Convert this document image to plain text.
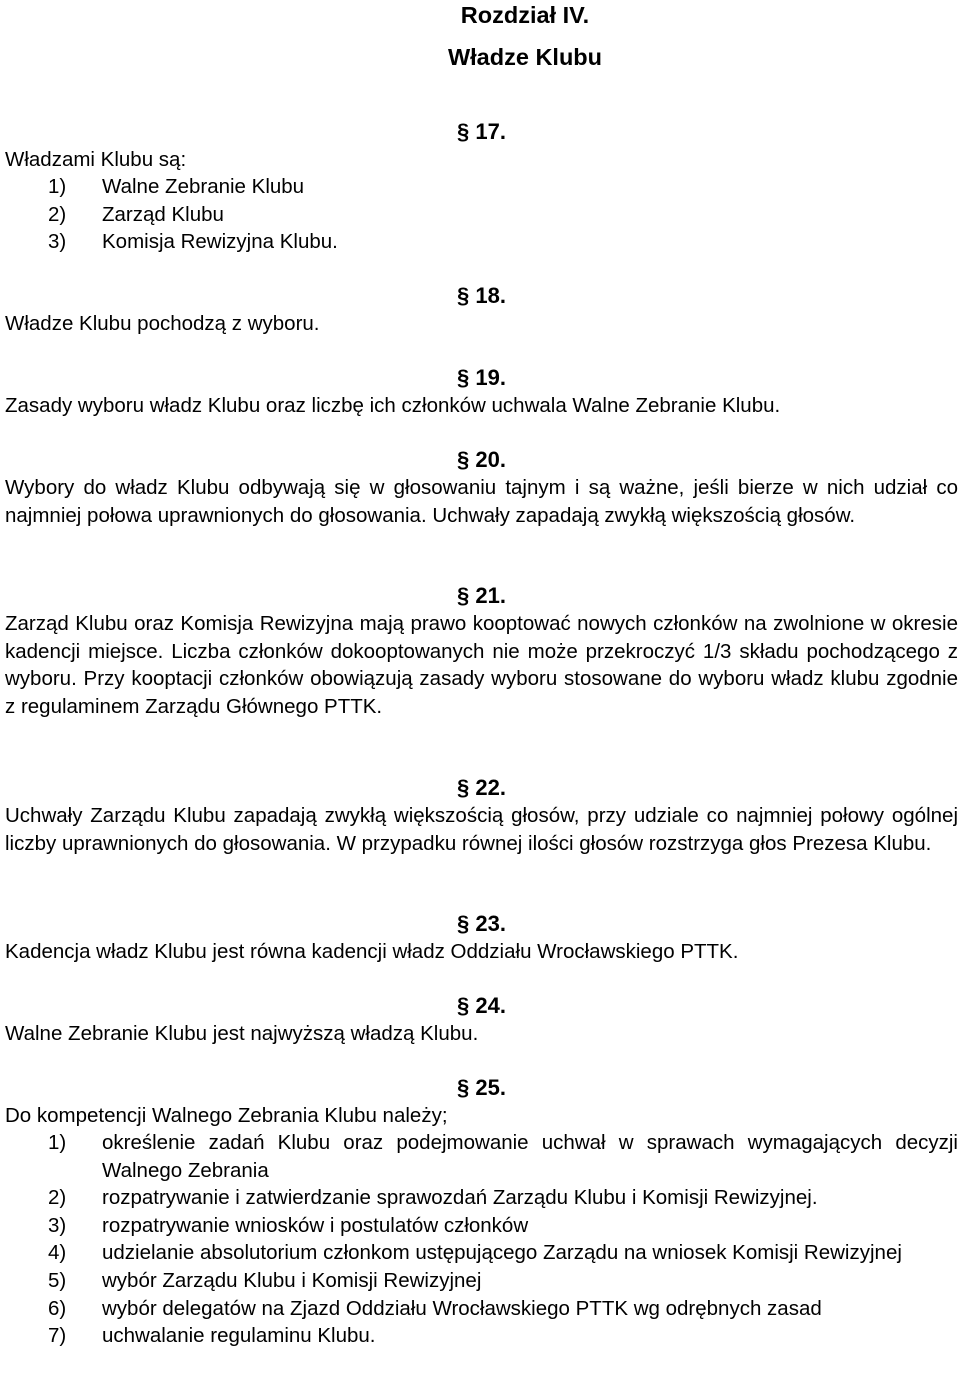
Rozdział IV.
Władze Klubu
§ 17.
Władzami Klubu są:
1) Walne Zebranie Klubu
2) Zarząd Klubu
3) Komisja Rewizyjna Klubu.
§ 18.
Władze Klubu pochodzą z wyboru.
§ 19.
Zasady wyboru władz Klubu oraz liczbę ich członków uchwala Walne Zebranie Klubu.
§ 20.
Wybory do władz Klubu odbywają się w głosowaniu tajnym i są ważne, jeśli bierze w nich udział co najmniej połowa uprawnionych do głosowania. Uchwały zapadają zwykłą większością głosów.
§ 21.
Zarząd Klubu oraz Komisja Rewizyjna mają prawo kooptować nowych członków na zwolnione w okresie kadencji miejsce. Liczba członków dokooptowanych nie może przekroczyć 1/3 składu pochodzącego z wyboru. Przy kooptacji członków obowiązują zasady wyboru stosowane do wyboru władz klubu zgodnie z regulaminem Zarządu Głównego PTTK.
§ 22.
Uchwały Zarządu Klubu zapadają zwykłą większością głosów, przy udziale co najmniej połowy ogólnej liczby uprawnionych do głosowania. W przypadku równej ilości głosów rozstrzyga głos Prezesa Klubu.
§ 23.
Kadencja władz Klubu jest równa kadencji władz Oddziału Wrocławskiego PTTK.
§ 24.
Walne Zebranie Klubu jest najwyższą władzą Klubu.
§ 25.
Do kompetencji Walnego Zebrania Klubu należy;
1) określenie zadań Klubu oraz podejmowanie uchwał w sprawach wymagających decyzji Walnego Zebrania
2) rozpatrywanie i zatwierdzanie sprawozdań Zarządu Klubu i Komisji Rewizyjnej.
3) rozpatrywanie wniosków i postulatów członków
4) udzielanie absolutorium członkom ustępującego Zarządu na wniosek Komisji Rewizyjnej
5) wybór Zarządu Klubu i Komisji Rewizyjnej
6) wybór delegatów na Zjazd Oddziału Wrocławskiego PTTK wg odrębnych zasad
7) uchwalanie regulaminu Klubu.
